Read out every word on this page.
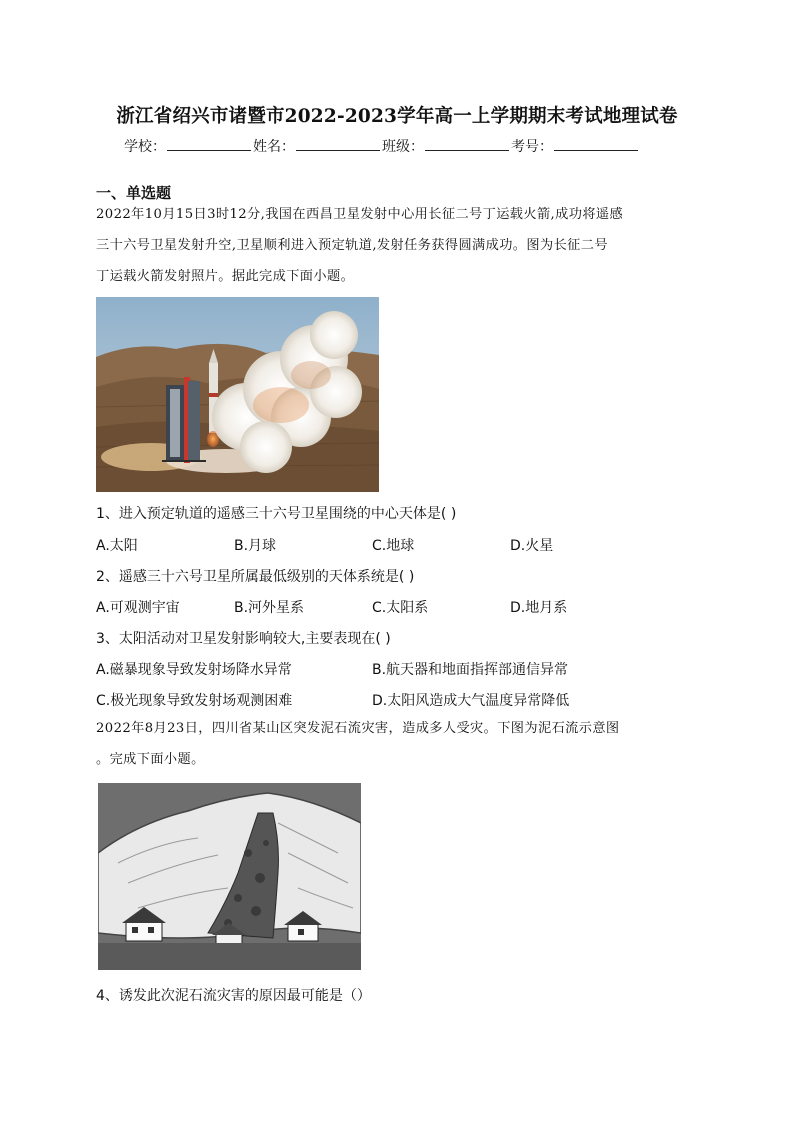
浙江省绍兴市诸暨市2022-2023学年高一上学期期末考试地理试卷
学校：	姓名：	班级：	考号：
一、单选题
2022年10月15日3时12分,我国在西昌卫星发射中心用长征二号丁运载火箭,成功将遥感
三十六号卫星发射升空,卫星顺利进入预定轨道,发射任务获得圆满成功。图为长征二号
丁运载火箭发射照片。据此完成下面小题。
1、进入预定轨道的遥感三十六号卫星围绕的中心天体是( )
A.太阳	B.月球	C.地球	D.火星
2、遥感三十六号卫星所属最低级别的天体系统是( )
A.可观测宇宙	B.河外星系	C.太阳系	D.地月系
3、太阳活动对卫星发射影响较大,主要表现在( )
A.磁暴现象导致发射场降水异常	B.航天器和地面指挥部通信异常
C.极光现象导致发射场观测困难	D.太阳风造成大气温度异常降低
2022年8月23日，四川省某山区突发泥石流灾害，造成多人受灾。下图为泥石流示意图
。完成下面小题。
4、诱发此次泥石流灾害的原因最可能是（）
